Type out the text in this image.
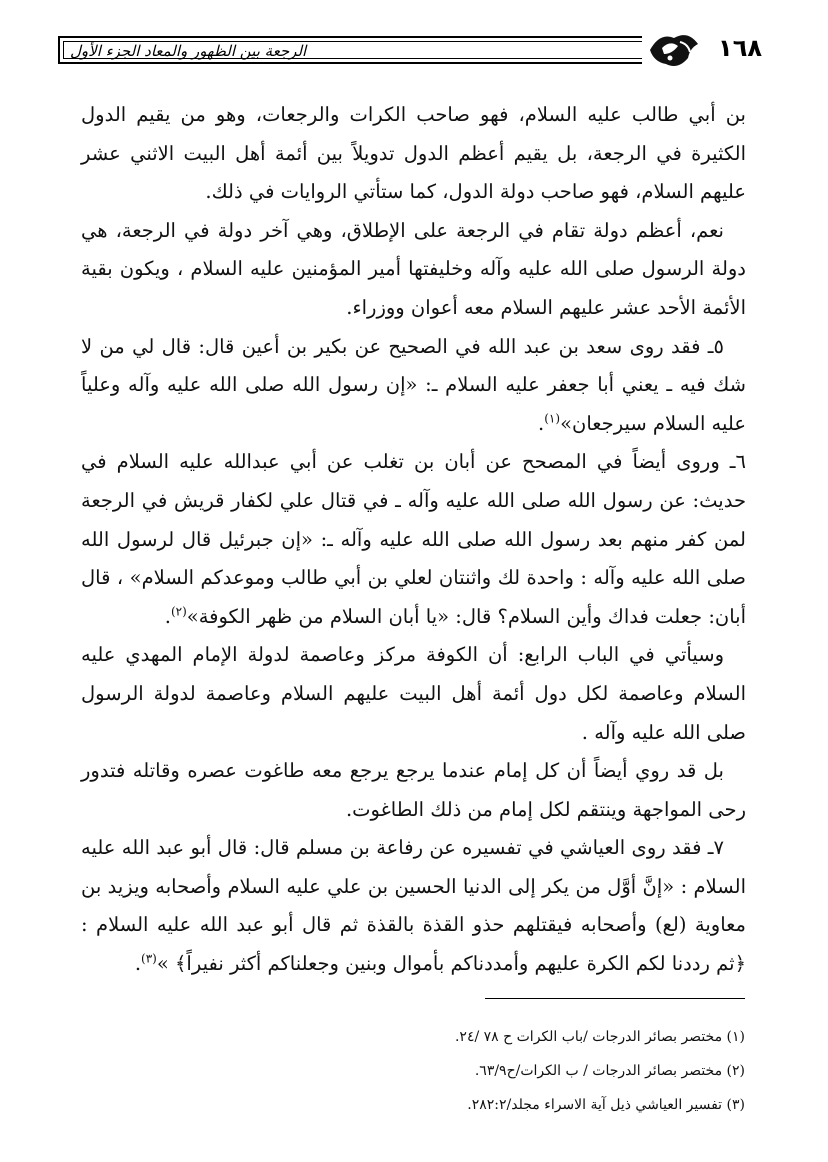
١٦٨
الرجعة بين الظهور والمعاد الجزء الأول

بن أبي طالب عليه السلام، فهو صاحب الكرات والرجعات، وهو من يقيم الدول الكثيرة في الرجعة، بل يقيم أعظم الدول تدويلاً بين أئمة أهل البيت الاثني عشر عليهم السلام، فهو صاحب دولة الدول، كما ستأتي الروايات في ذلك.

نعم، أعظم دولة تقام في الرجعة على الإطلاق، وهي آخر دولة في الرجعة، هي دولة الرسول صلى الله عليه وآله وخليفتها أمير المؤمنين عليه السلام ، ويكون بقية الأئمة الأحد عشر عليهم السلام معه أعوان ووزراء.

٥ـ فقد روى سعد بن عبد الله في الصحيح عن بكير بن أعين قال: قال لي من لا شك فيه ـ يعني أبا جعفر عليه السلام ـ: «إن رسول الله صلى الله عليه وآله وعلياً عليه السلام سيرجعان»$^{(١)}$.

٦ـ وروى أيضاً في المصحح عن أبان بن تغلب عن أبي عبدالله عليه السلام في حديث: عن رسول الله صلى الله عليه وآله ـ في قتال علي لكفار قريش في الرجعة لمن كفر منهم بعد رسول الله صلى الله عليه وآله ـ: «إن جبرئيل قال لرسول الله صلى الله عليه وآله : واحدة لك واثنتان لعلي بن أبي طالب وموعدكم السلام» ، قال أبان: جعلت فداك وأين السلام؟ قال: «يا أبان السلام من ظهر الكوفة»$^{(٢)}$.

وسيأتي في الباب الرابع: أن الكوفة مركز وعاصمة لدولة الإمام المهدي عليه السلام وعاصمة لكل دول أئمة أهل البيت عليهم السلام وعاصمة لدولة الرسول صلى الله عليه وآله .

بل قد روي أيضاً أن كل إمام عندما يرجع يرجع معه طاغوت عصره وقاتله فتدور رحى المواجهة وينتقم لكل إمام من ذلك الطاغوت.

٧ـ فقد روى العياشي في تفسيره عن رفاعة بن مسلم قال: قال أبو عبد الله عليه السلام : «إنَّ أوَّل من يكر إلى الدنيا الحسين بن علي عليه السلام وأصحابه ويزيد بن معاوية (لع) وأصحابه فيقتلهم حذو القذة بالقذة ثم قال أبو عبد الله عليه السلام : ﴿ثم رددنا لكم الكرة عليهم وأمددناكم بأموال وبنين وجعلناكم أكثر نفيراً﴾ »$^{(٣)}$.

(١) مختصر بصائر الدرجات /باب الكرات ح ٧٨ /٢٤.

(٢) مختصر بصائر الدرجات / ب الكرات/ح٦٣/٩.

(٣) تفسير العياشي ذيل آية الاسراء مجلد/٢٨٢:٢.
